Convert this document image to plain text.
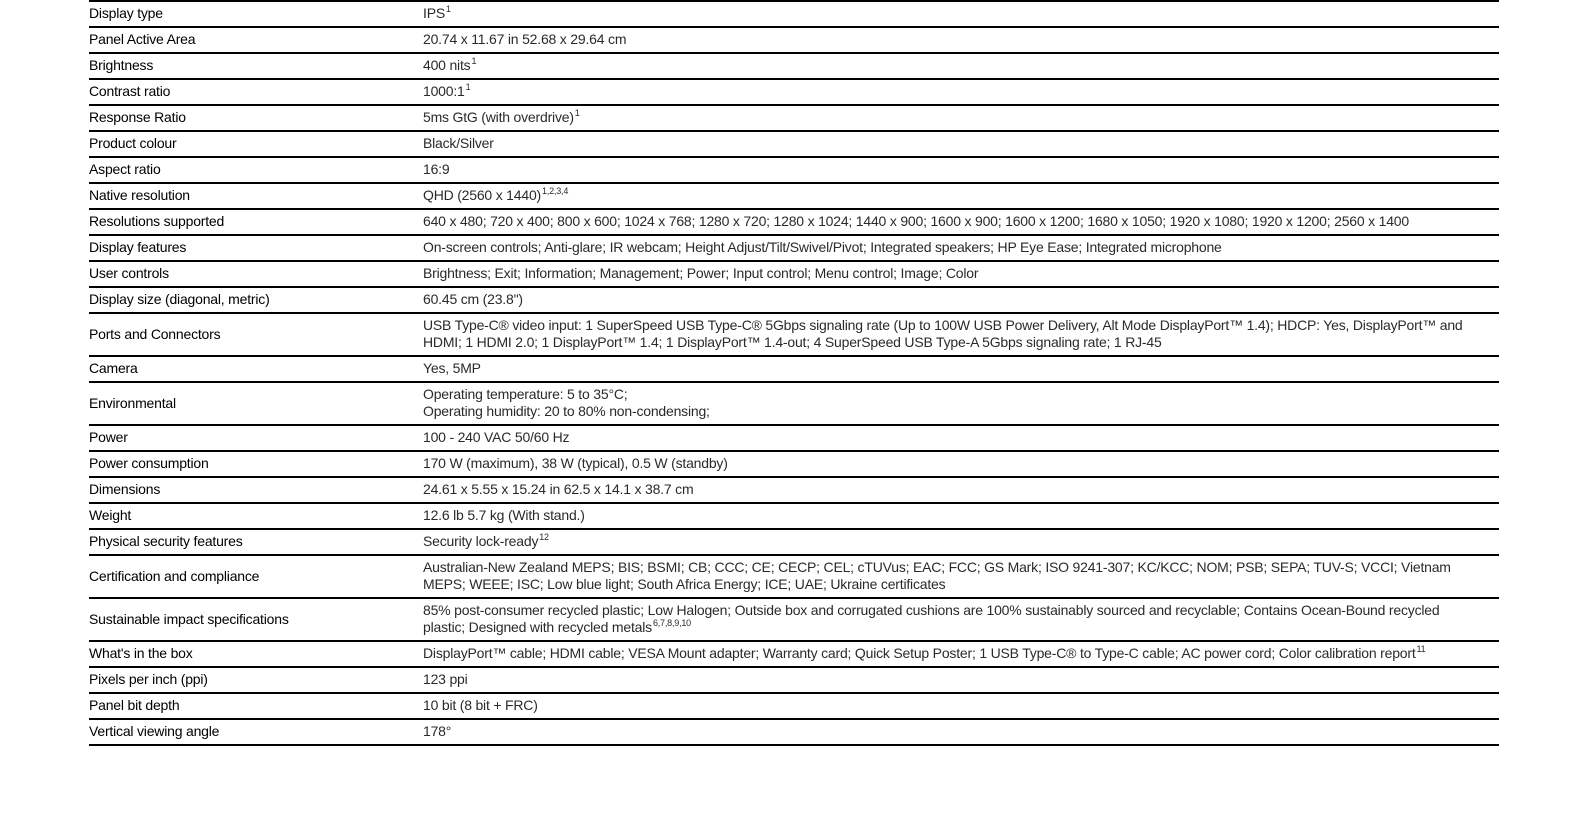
Display type	IPS$^1$
Panel Active Area	20.74 x 11.67 in 52.68 x 29.64 cm
Brightness	400 nits$^1$
Contrast ratio	$1000:1^1$
Response Ratio	5ms GtG (with overdrive)$^1$
Product colour	Black/Silver
Aspect ratio	16:9
Native resolution	QHD (2560 x 1440)$^{1,2,3,4}$
Resolutions supported	640 x 480; 720 x 400; 800 x 600; 1024 x 768; 1280 x 720; 1280 x 1024; 1440 x 900; 1600 x 900; 1600 x 1200; 1680 x 1050; 1920 x 1080; 1920 x 1200; 2560 x 1400
Display features	On-screen controls; Anti-glare; IR webcam; Height Adjust/Tilt/Swivel/Pivot; Integrated speakers; HP Eye Ease; Integrated microphone
User controls	Brightness; Exit; Information; Management; Power; Input control; Menu control; Image; Color
Display size (diagonal, metric)	60.45 cm (23.8")
Ports and Connectors	USB Type-C® video input: 1 SuperSpeed USB Type-C® 5Gbps signaling rate (Up to 100W USB Power Delivery, Alt Mode DisplayPort™ 1.4); HDCP: Yes, DisplayPort™ and HDMI; 1 HDMI 2.0; 1 DisplayPort™ 1.4; 1 DisplayPort™ 1.4-out; 4 SuperSpeed USB Type-A 5Gbps signaling rate; 1 RJ-45
Camera	Yes, 5MP
Environmental	Operating temperature: 5 to 35°C;
Operating humidity: 20 to 80% non-condensing;

Power	100 - 240 VAC 50/60 Hz
Power consumption	170 W (maximum), 38 W (typical), 0.5 W (standby)
Dimensions	24.61 x 5.55 x 15.24 in 62.5 x 14.1 x 38.7 cm
Weight	12.6 lb 5.7 kg (With stand.)
Physical security features	Security lock-ready$^{12}$
Certification and compliance	Australian-New Zealand MEPS; BIS; BSMI; CB; CCC; CE; CECP; CEL; cTUVus; EAC; FCC; GS Mark; ISO 9241-307; KC/KCC; NOM; PSB; SEPA; TUV-S; VCCI; Vietnam MEPS; WEEE; ISC; Low blue light; South Africa Energy; ICE; UAE; Ukraine certificates
Sustainable impact specifications	85% post-consumer recycled plastic; Low Halogen; Outside box and corrugated cushions are 100% sustainably sourced and recyclable; Contains Ocean-Bound recycled plastic; Designed with recycled metals$^{6,7,8,9,10}$
What's in the box	DisplayPort™ cable; HDMI cable; VESA Mount adapter; Warranty card; Quick Setup Poster; 1 USB Type-C® to Type-C cable; AC power cord; Color calibration report$^{11}$
Pixels per inch (ppi)	123 ppi
Panel bit depth	10 bit (8 bit + FRC)
Vertical viewing angle	178°
